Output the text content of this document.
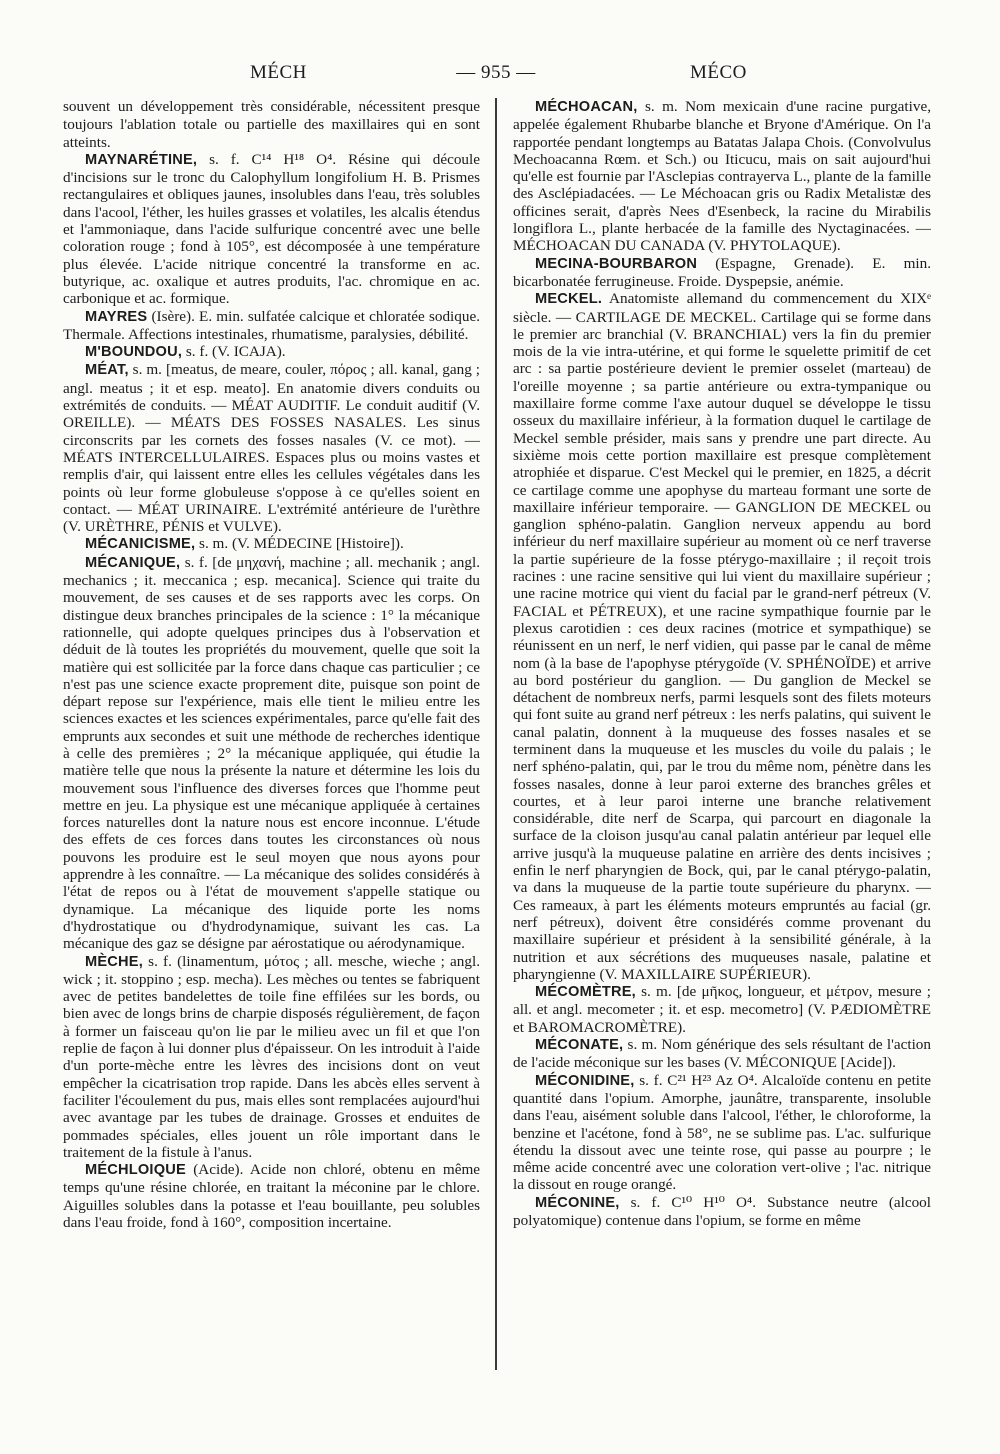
MÉCH	— 955 —	MÉCO

souvent un développement très considérable, nécessitent presque toujours l'ablation totale ou partielle des maxillaires qui en sont atteints.

MAYNARÉTINE, s. f. C¹⁴ H¹⁸ O⁴. Résine qui découle d'incisions sur le tronc du Calophyllum longifolium H. B. Prismes rectangulaires et obliques jaunes, insolubles dans l'eau, très solubles dans l'acool, l'éther, les huiles grasses et volatiles, les alcalis étendus et l'ammoniaque, dans l'acide sulfurique concentré avec une belle coloration rouge ; fond à 105°, est décomposée à une température plus élevée. L'acide nitrique concentré la transforme en ac. butyrique, ac. oxalique et autres produits, l'ac. chromique en ac. carbonique et ac. formique.

MAYRES (Isère). E. min. sulfatée calcique et chloratée sodique. Thermale. Affections intestinales, rhumatisme, paralysies, débilité.

M'BOUNDOU, s. f. (V. ICAJA).

MÉAT, s. m. [meatus, de meare, couler, πόρος ; all. kanal, gang ; angl. meatus ; it et esp. meato]. En anatomie divers conduits ou extrémités de conduits. — MÉAT AUDITIF. Le conduit auditif (V. OREILLE). — MÉATS DES FOSSES NASALES. Les sinus circonscrits par les cornets des fosses nasales (V. ce mot). — MÉATS INTERCELLULAIRES. Espaces plus ou moins vastes et remplis d'air, qui laissent entre elles les cellules végétales dans les points où leur forme globuleuse s'oppose à ce qu'elles soient en contact. — MÉAT URINAIRE. L'extrémité antérieure de l'urèthre (V. URÈTHRE, PÉNIS et VULVE).

MÉCANICISME, s. m. (V. MÉDECINE [Histoire]).

MÉCANIQUE, s. f. [de μηχανή, machine ; all. mechanik ; angl. mechanics ; it. meccanica ; esp. mecanica]. Science qui traite du mouvement, de ses causes et de ses rapports avec les corps. On distingue deux branches principales de la science : 1° la mécanique rationnelle, qui adopte quelques principes dus à l'observation et déduit de là toutes les propriétés du mouvement, quelle que soit la matière qui est sollicitée par la force dans chaque cas particulier ; ce n'est pas une science exacte proprement dite, puisque son point de départ repose sur l'expérience, mais elle tient le milieu entre les sciences exactes et les sciences expérimentales, parce qu'elle fait des emprunts aux secondes et suit une méthode de recherches identique à celle des premières ; 2° la mécanique appliquée, qui étudie la matière telle que nous la présente la nature et détermine les lois du mouvement sous l'influence des diverses forces que l'homme peut mettre en jeu. La physique est une mécanique appliquée à certaines forces naturelles dont la nature nous est encore inconnue. L'étude des effets de ces forces dans toutes les circonstances où nous pouvons les produire est le seul moyen que nous ayons pour apprendre à les connaître. — La mécanique des solides considérés à l'état de repos ou à l'état de mouvement s'appelle statique ou dynamique. La mécanique des liquide porte les noms d'hydrostatique ou d'hydrodynamique, suivant les cas. La mécanique des gaz se désigne par aérostatique ou aérodynamique.

MÈCHE, s. f. (linamentum, μότος ; all. mesche, wieche ; angl. wick ; it. stoppino ; esp. mecha). Les mèches ou tentes se fabriquent avec de petites bandelettes de toile fine effilées sur les bords, ou bien avec de longs brins de charpie disposés régulièrement, de façon à former un faisceau qu'on lie par le milieu avec un fil et que l'on replie de façon à lui donner plus d'épaisseur. On les introduit à l'aide d'un porte-mèche entre les lèvres des incisions dont on veut empêcher la cicatrisation trop rapide. Dans les abcès elles servent à faciliter l'écoulement du pus, mais elles sont remplacées aujourd'hui avec avantage par les tubes de drainage. Grosses et enduites de pommades spéciales, elles jouent un rôle important dans le traitement de la fistule à l'anus.

MÉCHLOIQUE (Acide). Acide non chloré, obtenu en même temps qu'une résine chlorée, en traitant la méconine par le chlore. Aiguilles solubles dans la potasse et l'eau bouillante, peu solubles dans l'eau froide, fond à 160°, composition incertaine.

MÉCHOACAN, s. m. Nom mexicain d'une racine purgative, appelée également Rhubarbe blanche et Bryone d'Amérique. On l'a rapportée pendant longtemps au Batatas Jalapa Chois. (Convolvulus Mechoacanna Rœm. et Sch.) ou Iticucu, mais on sait aujourd'hui qu'elle est fournie par l'Asclepias contrayerva L., plante de la famille des Asclépiadacées. — Le Méchoacan gris ou Radix Metalistæ des officines serait, d'après Nees d'Esenbeck, la racine du Mirabilis longiflora L., plante herbacée de la famille des Nyctaginacées. — MÉCHOACAN DU CANADA (V. PHYTOLAQUE).

MECINA-BOURBARON (Espagne, Grenade). E. min. bicarbonatée ferrugineuse. Froide. Dyspepsie, anémie.

MECKEL. Anatomiste allemand du commencement du XIXᵉ siècle. — CARTILAGE DE MECKEL. Cartilage qui se forme dans le premier arc branchial (V. BRANCHIAL) vers la fin du premier mois de la vie intra-utérine, et qui forme le squelette primitif de cet arc : sa partie postérieure devient le premier osselet (marteau) de l'oreille moyenne ; sa partie antérieure ou extra-tympanique ou maxillaire forme comme l'axe autour duquel se développe le tissu osseux du maxillaire inférieur, à la formation duquel le cartilage de Meckel semble présider, mais sans y prendre une part directe. Au sixième mois cette portion maxillaire est presque complètement atrophiée et disparue. C'est Meckel qui le premier, en 1825, a décrit ce cartilage comme une apophyse du marteau formant une sorte de maxillaire inférieur temporaire. — GANGLION DE MECKEL ou ganglion sphéno-palatin. Ganglion nerveux appendu au bord inférieur du nerf maxillaire supérieur au moment où ce nerf traverse la partie supérieure de la fosse ptérygo-maxillaire ; il reçoit trois racines : une racine sensitive qui lui vient du maxillaire supérieur ; une racine motrice qui vient du facial par le grand-nerf pétreux (V. FACIAL et PÉTREUX), et une racine sympathique fournie par le plexus carotidien : ces deux racines (motrice et sympathique) se réunissent en un nerf, le nerf vidien, qui passe par le canal de même nom (à la base de l'apophyse ptérygoïde (V. SPHÉNOÏDE) et arrive au bord postérieur du ganglion. — Du ganglion de Meckel se détachent de nombreux nerfs, parmi lesquels sont des filets moteurs qui font suite au grand nerf pétreux : les nerfs palatins, qui suivent le canal palatin, donnent à la muqueuse des fosses nasales et se terminent dans la muqueuse et les muscles du voile du palais ; le nerf sphéno-palatin, qui, par le trou du même nom, pénètre dans les fosses nasales, donne à leur paroi externe des branches grêles et courtes, et à leur paroi interne une branche relativement considérable, dite nerf de Scarpa, qui parcourt en diagonale la surface de la cloison jusqu'au canal palatin antérieur par lequel elle arrive jusqu'à la muqueuse palatine en arrière des dents incisives ; enfin le nerf pharyngien de Bock, qui, par le canal ptérygo-palatin, va dans la muqueuse de la partie toute supérieure du pharynx. — Ces rameaux, à part les éléments moteurs empruntés au facial (gr. nerf pétreux), doivent être considérés comme provenant du maxillaire supérieur et président à la sensibilité générale, à la nutrition et aux sécrétions des muqueuses nasale, palatine et pharyngienne (V. MAXILLAIRE SUPÉRIEUR).

MÉCOMÈTRE, s. m. [de μῆκος, longueur, et μέτρον, mesure ; all. et angl. mecometer ; it. et esp. mecometro] (V. PÆDIOMÈTRE et BAROMACROMÈTRE).

MÉCONATE, s. m. Nom générique des sels résultant de l'action de l'acide méconique sur les bases (V. MÉCONIQUE [Acide]).

MÉCONIDINE, s. f. C²¹ H²³ Az O⁴. Alcaloïde contenu en petite quantité dans l'opium. Amorphe, jaunâtre, transparente, insoluble dans l'eau, aisément soluble dans l'alcool, l'éther, le chloroforme, la benzine et l'acétone, fond à 58°, ne se sublime pas. L'ac. sulfurique étendu la dissout avec une teinte rose, qui passe au pourpre ; le même acide concentré avec une coloration vert-olive ; l'ac. nitrique la dissout en rouge orangé.

MÉCONINE, s. f. C¹⁰ H¹⁰ O⁴. Substance neutre (alcool polyatomique) contenue dans l'opium, se forme en même
